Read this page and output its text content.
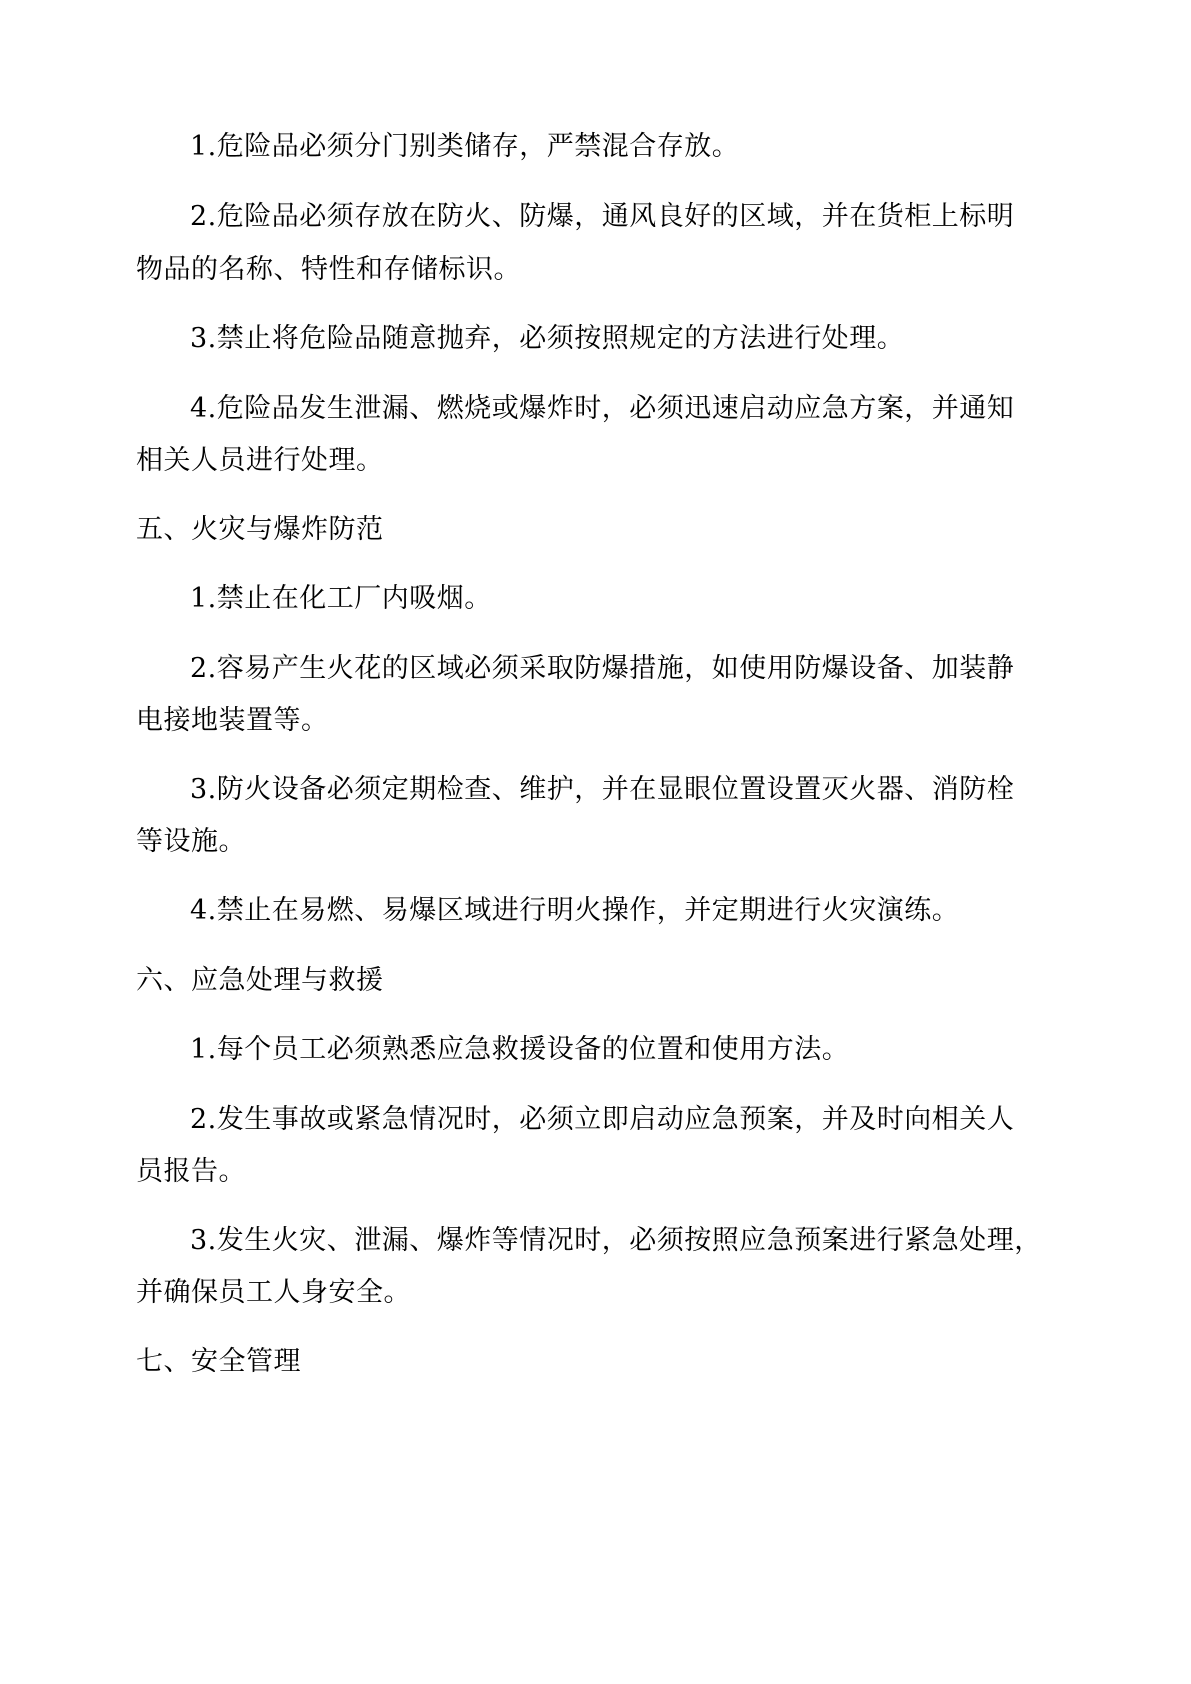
1.危险品必须分门别类储存，严禁混合存放。
2.危险品必须存放在防火、防爆，通风良好的区域，并在货柜上标明
物品的名称、特性和存储标识。
3.禁止将危险品随意抛弃，必须按照规定的方法进行处理。
4.危险品发生泄漏、燃烧或爆炸时，必须迅速启动应急方案，并通知
相关人员进行处理。
五、火灾与爆炸防范
1.禁止在化工厂内吸烟。
2.容易产生火花的区域必须采取防爆措施，如使用防爆设备、加装静
电接地装置等。
3.防火设备必须定期检查、维护，并在显眼位置设置灭火器、消防栓
等设施。
4.禁止在易燃、易爆区域进行明火操作，并定期进行火灾演练。
六、应急处理与救援
1.每个员工必须熟悉应急救援设备的位置和使用方法。
2.发生事故或紧急情况时，必须立即启动应急预案，并及时向相关人
员报告。
3.发生火灾、泄漏、爆炸等情况时，必须按照应急预案进行紧急处理，
并确保员工人身安全。
七、安全管理
